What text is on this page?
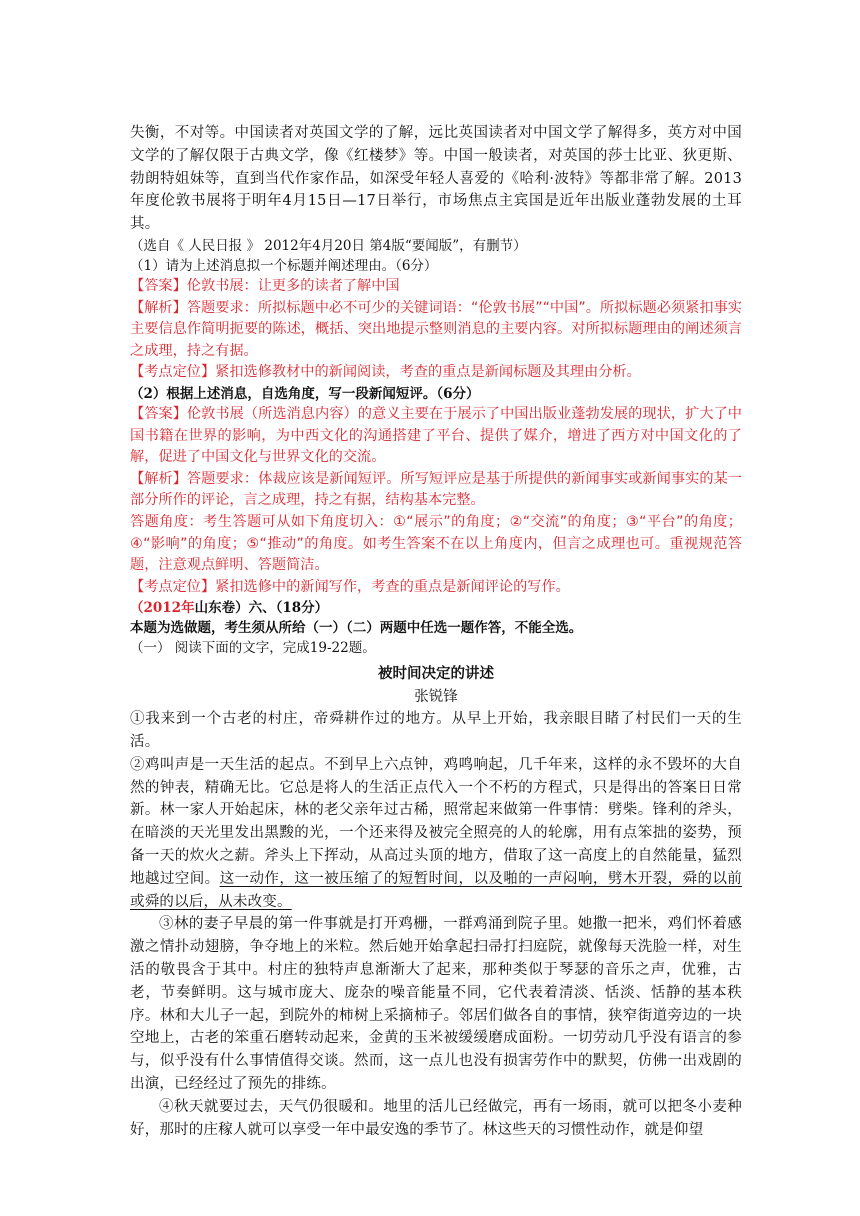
失衡，不对等。中国读者对英国文学的了解，远比英国读者对中国文学了解得多，英方对中国文学的了解仅限于古典文学，像《红楼梦》等。中国一般读者，对英国的莎士比亚、狄更斯、勃朗特姐妹等，直到当代作家作品，如深受年轻人喜爱的《哈利·波特》等都非常了解。2013年度伦敦书展将于明年4月15日—17日举行，市场焦点主宾国是近年出版业蓬勃发展的土耳其。

（选自《 人民日报 》 2012年4月20日 第4版“要闻版”，有删节）

（1）请为上述消息拟一个标题并阐述理由。（6分）

【答案】伦敦书展：让更多的读者了解中国

【解析】答题要求：所拟标题中必不可少的关键词语：“伦敦书展”“中国”。所拟标题必须紧扣事实主要信息作简明扼要的陈述，概括、突出地提示整则消息的主要内容。对所拟标题理由的阐述须言之成理，持之有据。

【考点定位】紧扣选修教材中的新闻阅读，考查的重点是新闻标题及其理由分析。

（2）根据上述消息，自选角度，写一段新闻短评。（6分）

【答案】伦敦书展（所选消息内容）的意义主要在于展示了中国出版业蓬勃发展的现状，扩大了中国书籍在世界的影响，为中西文化的沟通搭建了平台、提供了媒介，增进了西方对中国文化的了解，促进了中国文化与世界文化的交流。

【解析】答题要求：体裁应该是新闻短评。所写短评应是基于所提供的新闻事实或新闻事实的某一部分所作的评论，言之成理，持之有据，结构基本完整。

答题角度：考生答题可从如下角度切入：①“展示”的角度；②“交流”的角度；③“平台”的角度；④“影响”的角度；⑤“推动”的角度。如考生答案不在以上角度内，但言之成理也可。重视规范答题，注意观点鲜明、答题简洁。

【考点定位】紧扣选修中的新闻写作，考查的重点是新闻评论的写作。

（2012年山东卷）六、（18分）

本题为选做题，考生须从所给（一）（二）两题中任选一题作答，不能全选。

（一） 阅读下面的文字，完成19-22题。

被时间决定的讲述

张锐锋

①我来到一个古老的村庄，帝舜耕作过的地方。从早上开始，我亲眼目睹了村民们一天的生活。

②鸡叫声是一天生活的起点。不到早上六点钟，鸡鸣响起，几千年来，这样的永不毁坏的大自然的钟表，精确无比。它总是将人的生活正点代入一个不朽的方程式，只是得出的答案日日常新。林一家人开始起床，林的老父亲年过古稀，照常起来做第一件事情：劈柴。锋利的斧头，在暗淡的天光里发出黑黢的光，一个还来得及被完全照亮的人的轮廓，用有点笨拙的姿势，预备一天的炊火之薪。斧头上下挥动，从高过头顶的地方，借取了这一高度上的自然能量，猛烈地越过空间。这一动作，这一被压缩了的短暂时间，以及啪的一声闷响，劈木开裂，舜的以前或舜的以后，从未改变。

③林的妻子早晨的第一件事就是打开鸡栅，一群鸡涌到院子里。她撒一把米，鸡们怀着感激之情扑动翅膀，争夺地上的米粒。然后她开始拿起扫帚打扫庭院，就像每天洗脸一样，对生活的敬畏含于其中。村庄的独特声息渐渐大了起来，那种类似于琴瑟的音乐之声，优雅，古老，节奏鲜明。这与城市庞大、庞杂的噪音能量不同，它代表着清淡、恬淡、恬静的基本秩序。林和大儿子一起，到院外的柿树上采摘柿子。邻居们做各自的事情，狭窄街道旁边的一块空地上，古老的笨重石磨转动起来，金黄的玉米被缓缓磨成面粉。一切劳动几乎没有语言的参与，似乎没有什么事情值得交谈。然而，这一点儿也没有损害劳作中的默契，仿佛一出戏剧的出演，已经经过了预先的排练。

④秋天就要过去，天气仍很暖和。地里的活儿已经做完，再有一场雨，就可以把冬小麦种好，那时的庄稼人就可以享受一年中最安逸的季节了。林这些天的习惯性动作，就是仰望
